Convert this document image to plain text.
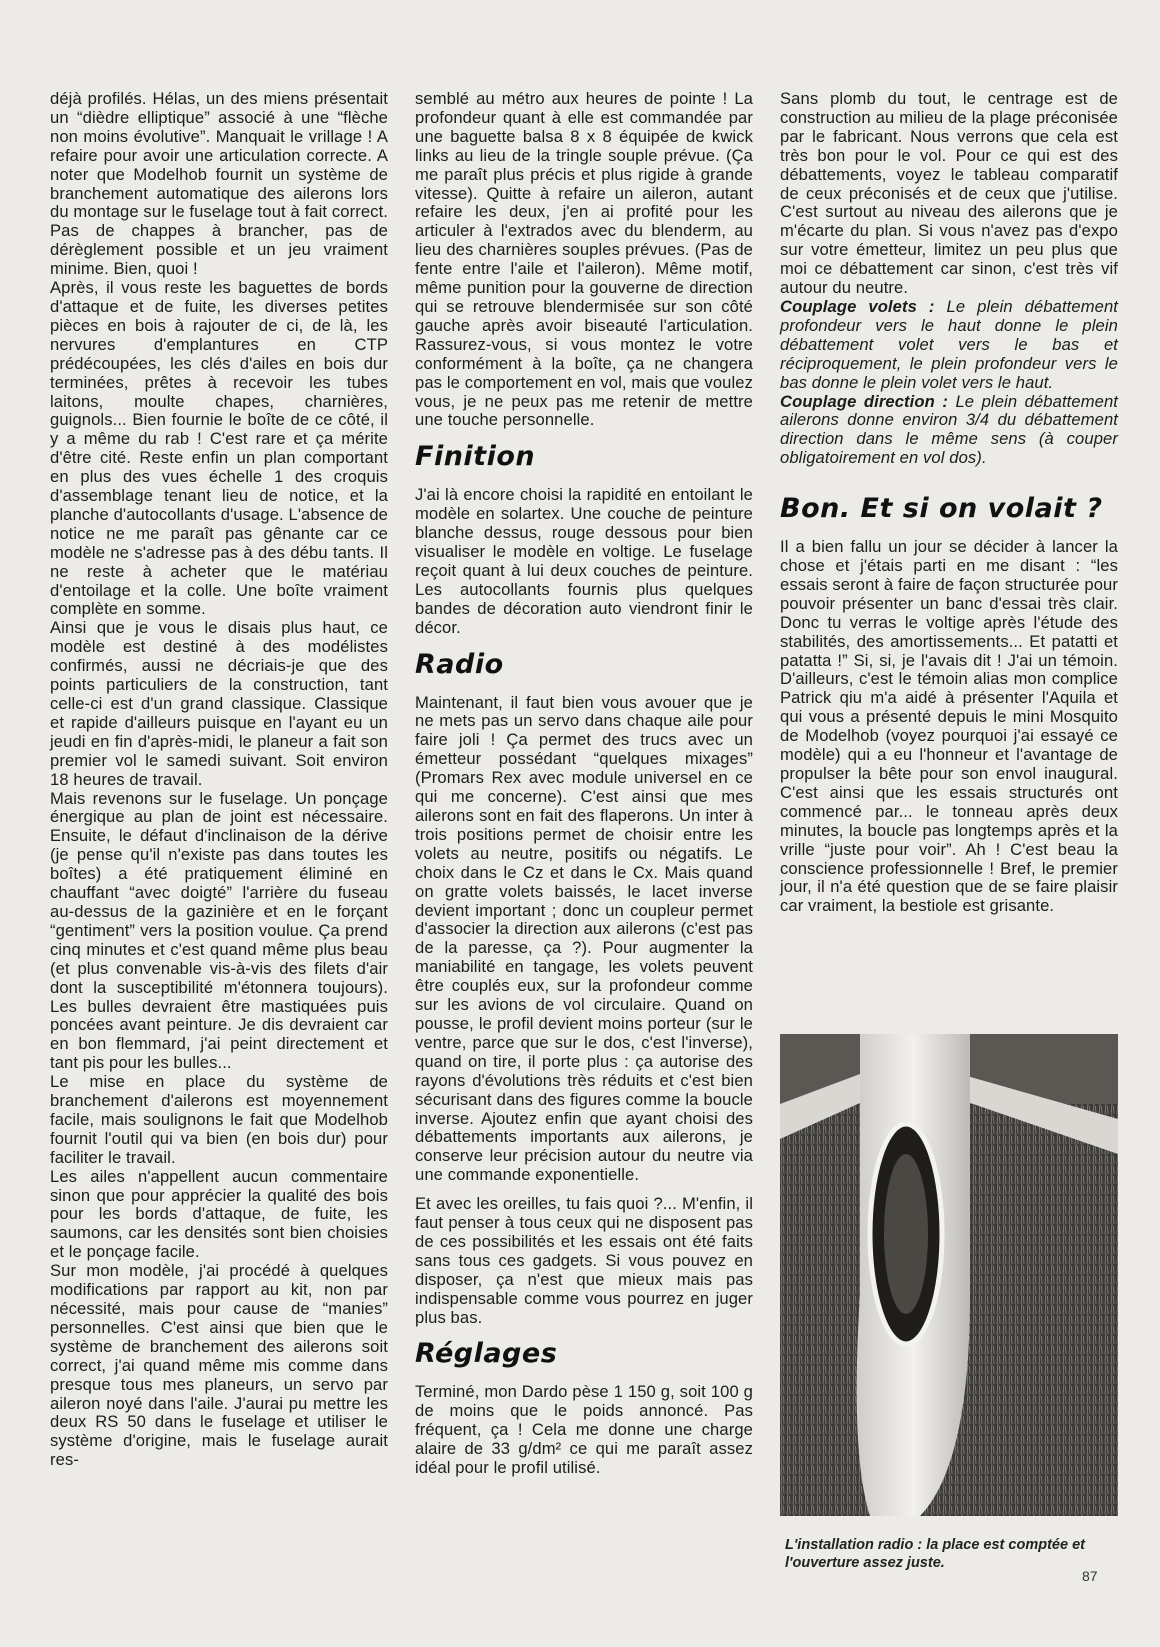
déjà profilés. Hélas, un des miens présentait un “dièdre elliptique” associé à une “flèche non moins évolutive”. Manquait le vrillage ! A refaire pour avoir une articulation correcte. A noter que Modelhob fournit un système de branchement automatique des ailerons lors du montage sur le fuselage tout à fait correct. Pas de chappes à brancher, pas de dérèglement possible et un jeu vraiment minime. Bien, quoi !

Après, il vous reste les baguettes de bords d'attaque et de fuite, les diverses petites pièces en bois à rajouter de ci, de là, les nervures d'emplantures en CTP prédécoupées, les clés d'ailes en bois dur terminées, prêtes à recevoir les tubes laitons, moulte chapes, charnières, guignols... Bien fournie le boîte de ce côté, il y a même du rab ! C'est rare et ça mérite d'être cité. Reste enfin un plan comportant en plus des vues échelle 1 des croquis d'assemblage tenant lieu de notice, et la planche d'autocollants d'usage. L'absence de notice ne me paraît pas gênante car ce modèle ne s'adresse pas à des débu tants. Il ne reste à acheter que le matériau d'entoilage et la colle. Une boîte vraiment complète en somme.

Ainsi que je vous le disais plus haut, ce modèle est destiné à des modélistes confirmés, aussi ne décriais-je que des points particuliers de la construction, tant celle-ci est d'un grand classique. Classique et rapide d'ailleurs puisque en l'ayant eu un jeudi en fin d'après-midi, le planeur a fait son premier vol le samedi suivant. Soit environ 18 heures de travail.

Mais revenons sur le fuselage. Un ponçage énergique au plan de joint est nécessaire. Ensuite, le défaut d'inclinaison de la dérive (je pense qu'il n'existe pas dans toutes les boîtes) a été pratiquement éliminé en chauffant “avec doigté” l'arrière du fuseau au-dessus de la gazinière et en le forçant “gentiment” vers la position voulue. Ça prend cinq minutes et c'est quand même plus beau (et plus convenable vis-à-vis des filets d'air dont la susceptibilité m'étonnera toujours). Les bulles devraient être mastiquées puis poncées avant peinture. Je dis devraient car en bon flemmard, j'ai peint directement et tant pis pour les bulles...

Le mise en place du système de branchement d'ailerons est moyennement facile, mais soulignons le fait que Modelhob fournit l'outil qui va bien (en bois dur) pour faciliter le travail.

Les ailes n'appellent aucun commentaire sinon que pour apprécier la qualité des bois pour les bords d'attaque, de fuite, les saumons, car les densités sont bien choisies et le ponçage facile.

Sur mon modèle, j'ai procédé à quelques modifications par rapport au kit, non par nécessité, mais pour cause de “manies” personnelles. C'est ainsi que bien que le système de branchement des ailerons soit correct, j'ai quand même mis comme dans presque tous mes planeurs, un servo par aileron noyé dans l'aile. J'aurai pu mettre les deux RS 50 dans le fuselage et utiliser le système d'origine, mais le fuselage aurait res-

semblé au métro aux heures de pointe ! La profondeur quant à elle est commandée par une baguette balsa 8 x 8 équipée de kwick links au lieu de la tringle souple prévue. (Ça me paraît plus précis et plus rigide à grande vitesse). Quitte à refaire un aileron, autant refaire les deux, j'en ai profité pour les articuler à l'extrados avec du blenderm, au lieu des charnières souples prévues. (Pas de fente entre l'aile et l'aileron). Même motif, même punition pour la gouverne de direction qui se retrouve blendermisée sur son côté gauche après avoir biseauté l'articulation. Rassurez-vous, si vous montez le votre conformément à la boîte, ça ne changera pas le comportement en vol, mais que voulez vous, je ne peux pas me retenir de mettre une touche personnelle.

Finition

J'ai là encore choisi la rapidité en entoilant le modèle en solartex. Une couche de peinture blanche dessus, rouge dessous pour bien visualiser le modèle en voltige. Le fuselage reçoit quant à lui deux couches de peinture. Les autocollants fournis plus quelques bandes de décoration auto viendront finir le décor.

Radio

Maintenant, il faut bien vous avouer que je ne mets pas un servo dans chaque aile pour faire joli ! Ça permet des trucs avec un émetteur possédant “quelques mixages” (Promars Rex avec module universel en ce qui me concerne). C'est ainsi que mes ailerons sont en fait des flaperons. Un inter à trois positions permet de choisir entre les volets au neutre, positifs ou négatifs. Le choix dans le Cz et dans le Cx. Mais quand on gratte volets baissés, le lacet inverse devient important ; donc un coupleur permet d'associer la direction aux ailerons (c'est pas de la paresse, ça ?). Pour augmenter la maniabilité en tangage, les volets peuvent être couplés eux, sur la profondeur comme sur les avions de vol circulaire. Quand on pousse, le profil devient moins porteur (sur le ventre, parce que sur le dos, c'est l'inverse), quand on tire, il porte plus : ça autorise des rayons d'évolutions très réduits et c'est bien sécurisant dans des figures comme la boucle inverse. Ajoutez enfin que ayant choisi des débattements importants aux ailerons, je conserve leur précision autour du neutre via une commande exponentielle.

Et avec les oreilles, tu fais quoi ?... M'enfin, il faut penser à tous ceux qui ne disposent pas de ces possibilités et les essais ont été faits sans tous ces gadgets. Si vous pouvez en disposer, ça n'est que mieux mais pas indispensable comme vous pourrez en juger plus bas.

Réglages

Terminé, mon Dardo pèse 1 150 g, soit 100 g de moins que le poids annoncé. Pas fréquent, ça ! Cela me donne une charge alaire de 33 g/dm² ce qui me paraît assez idéal pour le profil utilisé.

Sans plomb du tout, le centrage est de construction au milieu de la plage préconisée par le fabricant. Nous verrons que cela est très bon pour le vol. Pour ce qui est des débattements, voyez le tableau comparatif de ceux préconisés et de ceux que j'utilise. C'est surtout au niveau des ailerons que je m'écarte du plan. Si vous n'avez pas d'expo sur votre émetteur, limitez un peu plus que moi ce débattement car sinon, c'est très vif autour du neutre.

Couplage volets : Le plein débattement profondeur vers le haut donne le plein débattement volet vers le bas et réciproquement, le plein profondeur vers le bas donne le plein volet vers le haut.

Couplage direction : Le plein débattement ailerons donne environ 3/4 du débattement direction dans le même sens (à couper obligatoirement en vol dos).

Bon. Et si on volait ?

Il a bien fallu un jour se décider à lancer la chose et j'étais parti en me disant : “les essais seront à faire de façon structurée pour pouvoir présenter un banc d'essai très clair. Donc tu verras le voltige après l'étude des stabilités, des amortissements... Et patatti et patatta !” Si, si, je l'avais dit ! J'ai un témoin. D'ailleurs, c'est le témoin alias mon complice Patrick qiu m'a aidé à présenter l'Aquila et qui vous a présenté depuis le mini Mosquito de Modelhob (voyez pourquoi j'ai essayé ce modèle) qui a eu l'honneur et l'avantage de propulser la bête pour son envol inaugural. C'est ainsi que les essais structurés ont commencé par... le tonneau après deux minutes, la boucle pas longtemps après et la vrille “juste pour voir”. Ah ! C'est beau la conscience professionnelle ! Bref, le premier jour, il n'a été question que de se faire plaisir car vraiment, la bestiole est grisante.

L'installation radio : la place est comptée et l'ouverture assez juste.
87
